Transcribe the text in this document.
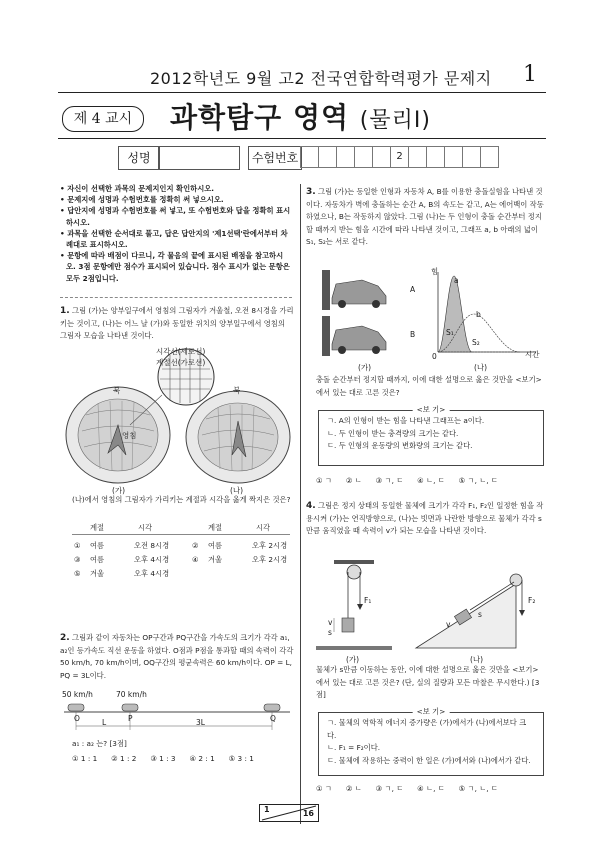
2012학년도 9월 고2 전국연합학력평가 문제지 1
제 4 교시	과학탐구 영역 (물리Ⅰ)
성명	수험번호	2

• 자신이 선택한 과목의 문제지인지 확인하시오.

• 문제지에 성명과 수험번호를 정확히 써 넣으시오.

• 답안지에 성명과 수험번호를 써 넣고, 또 수험번호와 답을 정확히 표시하시오.

• 과목을 선택한 순서대로 풀고, 답은 답안지의 '제1선택'란에서부터 차례대로 표시하시오.

• 문항에 따라 배점이 다르니, 각 물음의 끝에 표시된 배점을 참고하시오. 3점 문항에만 점수가 표시되어 있습니다. 점수 표시가 없는 문항은 모두 2점입니다.

1. 그림 (가)는 양부일구에서 영침의 그림자가 겨울철, 오전 8시경을 가리키는 것이고, (나)는 어느 날 (가)와 동일한 위치의 양부일구에서 영침의 그림자 모습을 나타낸 것이다.
시각선(세로선)
계절선(가로선)
북	북
영침
(가)	(나)
(나)에서 영침의 그림자가 가리키는 계절과 시각을 옳게 짝지은 것은?
계절	시각	계절	시각
① 여름	오전 8시경	② 여름	오후 2시경
③ 여름	오후 4시경	④ 겨울	오후 2시경
⑤ 겨울	오후 4시경
2. 그림과 같이 자동차는 OP구간과 PQ구간을 가속도의 크기가 각각 a₁, a₂인 등가속도 직선 운동을 하였다. O점과 P점을 통과할 때의 속력이 각각 50 km/h, 70 km/h이며, OQ구간의 평균속력은 60 km/h이다. OP = L, PQ = 3L이다.
50 km/h	70 km/h
O	P	Q
L	3L
a₁ : a₂ 는? [3점]
① 1 : 1      ② 1 : 2      ③ 1 : 3      ④ 2 : 1      ⑤ 3 : 1
3. 그림 (가)는 동일한 인형과 자동차 A, B를 이용한 충돌실험을 나타낸 것이다. 자동차가 벽에 충돌하는 순간 A, B의 속도는 같고, A는 에어백이 작동하였으나, B는 작동하지 않았다. 그림 (나)는 두 인형이 충돌 순간부터 정지할 때까지 받는 힘을 시간에 따라 나타낸 것이고, 그래프 a, b 아래의 넓이 S₁, S₂는 서로 같다.
A
B
힘
a
b
S₁
S₂
0	시간
(가)	(나)
충돌 순간부터 정지할 때까지, 이에 대한 설명으로 옳은 것만을 <보기>에서 있는 대로 고른 것은?
<보 기>
ㄱ. A의 인형이 받는 힘을 나타낸 그래프는 a이다.
ㄴ. 두 인형이 받는 충격량의 크기는 같다.
ㄷ. 두 인형의 운동량의 변화량의 크기는 같다.
① ㄱ      ② ㄴ      ③ ㄱ, ㄷ      ④ ㄴ, ㄷ      ⑤ ㄱ, ㄴ, ㄷ
4. 그림은 정지 상태의 동일한 물체에 크기가 각각 F₁, F₂인 일정한 힘을 작용시켜 (가)는 연직방향으로, (나)는 빗면과 나란한 방향으로 물체가 각각 s만큼 움직였을 때 속력이 v가 되는 모습을 나타낸 것이다.
F₁	F₂
v	v
s
s
(가)	(나)
물체가 s만큼 이동하는 동안, 이에 대한 설명으로 옳은 것만을 <보기>에서 있는 대로 고른 것은? (단, 실의 질량과 모든 마찰은 무시한다.) [3점]
<보 기>
ㄱ. 물체의 역학적 에너지 증가량은 (가)에서가 (나)에서보다 크다.
ㄴ. F₁ = F₂이다.
ㄷ. 물체에 작용하는 중력이 한 일은 (가)에서와 (나)에서가 같다.
① ㄱ      ② ㄴ      ③ ㄱ, ㄷ      ④ ㄴ, ㄷ      ⑤ ㄱ, ㄴ, ㄷ
1	16
